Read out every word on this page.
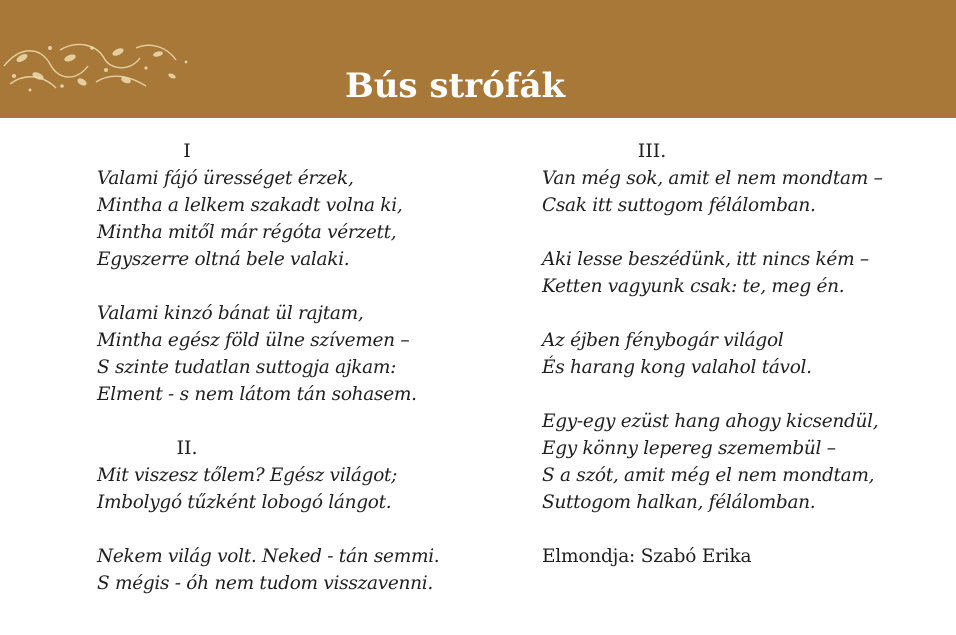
Bús strófák
I
Valami fájó ürességet érzek,
Mintha a lelkem szakadt volna ki,
Mintha mitől már régóta vérzett,
Egyszerre oltná bele valaki.
Valami kinzó bánat ül rajtam,
Mintha egész föld ülne szívemen –
S szinte tudatlan suttogja ajkam:
Elment - s nem látom tán sohasem.
II.
Mit viszesz tőlem? Egész világot;
Imbolygó tűzként lobogó lángot.
Nekem világ volt. Neked - tán semmi.
S mégis - óh nem tudom visszavenni.
III.
Van még sok, amit el nem mondtam –
Csak itt suttogom félálomban.
Aki lesse beszédünk, itt nincs kém –
Ketten vagyunk csak: te, meg én.
Az éjben fénybogár világol
És harang kong valahol távol.
Egy-egy ezüst hang ahogy kicsendül,
Egy könny lepereg szemembül –
S a szót, amit még el nem mondtam,
Suttogom halkan, félálomban.
Elmondja: Szabó Erika
